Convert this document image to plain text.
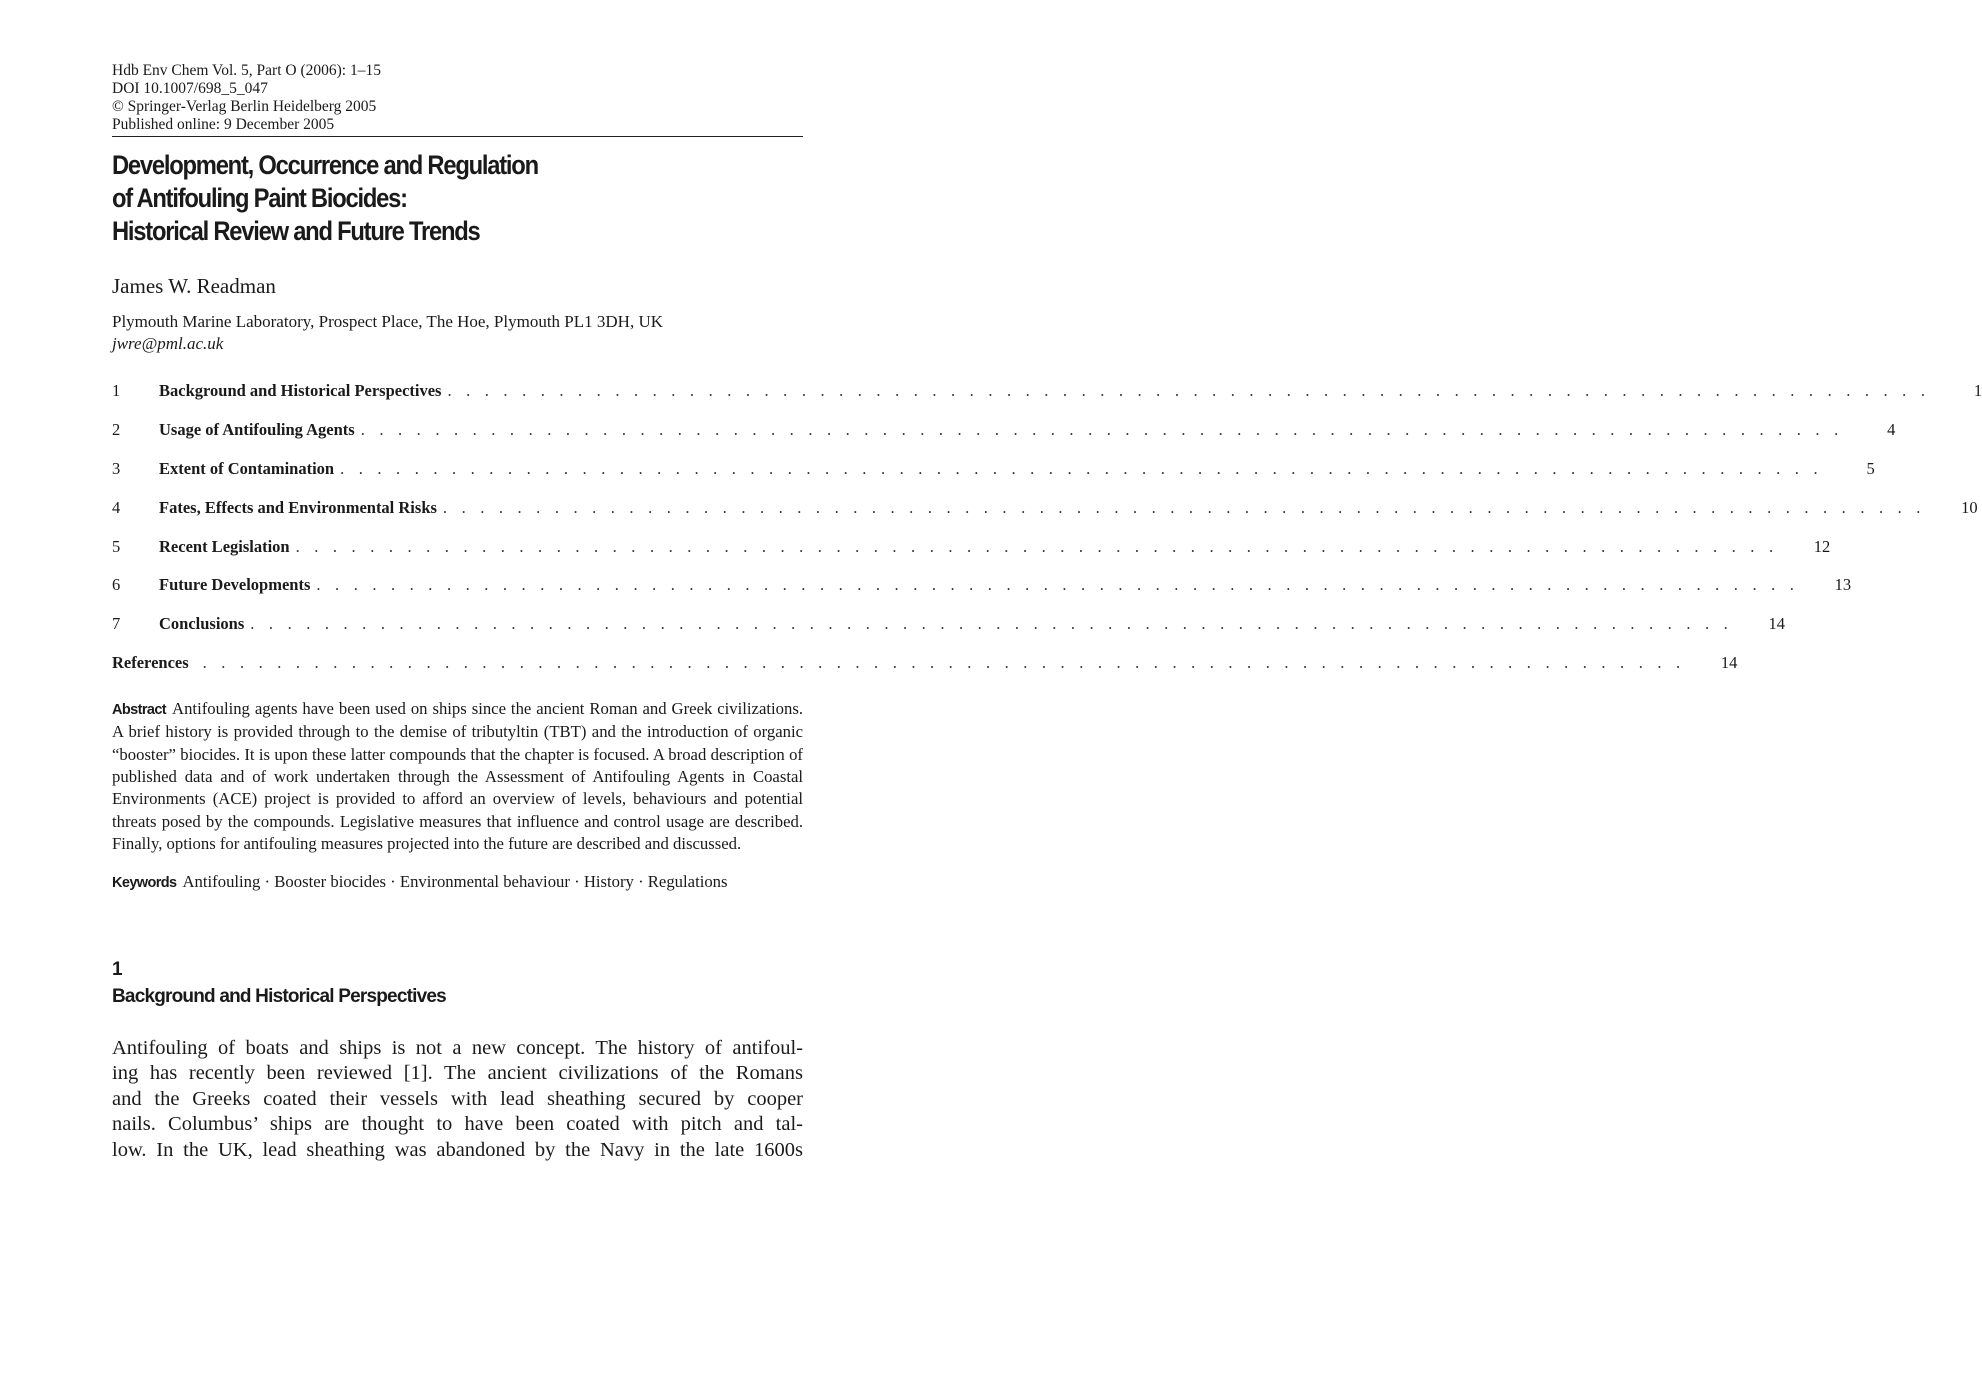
Hdb Env Chem Vol. 5, Part O (2006): 1–15
DOI 10.1007/698_5_047
© Springer-Verlag Berlin Heidelberg 2005
Published online: 9 December 2005
Development, Occurrence and Regulation
of Antifouling Paint Biocides:
Historical Review and Future Trends
James W. Readman
Plymouth Marine Laboratory, Prospect Place, The Hoe, Plymouth PL1 3DH, UK
jwre@pml.ac.uk
1	Background and Historical Perspectives . . . . . . . . . . . . . . . . . . . . . . . . . . . . . . . . . . . . . . . . . . . . . . . . . . . . . . . . . . . . . . . . . . . . . . . . . . . . . . . .	1
2	Usage of Antifouling Agents . . . . . . . . . . . . . . . . . . . . . . . . . . . . . . . . . . . . . . . . . . . . . . . . . . . . . . . . . . . . . . . . . . . . . . . . . . . . . . . .	4
3	Extent of Contamination . . . . . . . . . . . . . . . . . . . . . . . . . . . . . . . . . . . . . . . . . . . . . . . . . . . . . . . . . . . . . . . . . . . . . . . . . . . . . . . .	5
4	Fates, Effects and Environmental Risks . . . . . . . . . . . . . . . . . . . . . . . . . . . . . . . . . . . . . . . . . . . . . . . . . . . . . . . . . . . . . . . . . . . . . . . . . . . . . . . .	10
5	Recent Legislation . . . . . . . . . . . . . . . . . . . . . . . . . . . . . . . . . . . . . . . . . . . . . . . . . . . . . . . . . . . . . . . . . . . . . . . . . . . . . . . .	12
6	Future Developments . . . . . . . . . . . . . . . . . . . . . . . . . . . . . . . . . . . . . . . . . . . . . . . . . . . . . . . . . . . . . . . . . . . . . . . . . . . . . . . .	13
7	Conclusions . . . . . . . . . . . . . . . . . . . . . . . . . . . . . . . . . . . . . . . . . . . . . . . . . . . . . . . . . . . . . . . . . . . . . . . . . . . . . . . .	14
References . . . . . . . . . . . . . . . . . . . . . . . . . . . . . . . . . . . . . . . . . . . . . . . . . . . . . . . . . . . . . . . . . . . . . . . . . . . . . . . .	14
Abstract Antifouling agents have been used on ships since the ancient Roman and Greek civilizations. A brief history is provided through to the demise of tributyltin (TBT) and the introduction of organic “booster” biocides. It is upon these latter compounds that the chapter is focused. A broad description of published data and of work undertaken through the Assessment of Antifouling Agents in Coastal Environments (ACE) project is provided to afford an overview of levels, behaviours and potential threats posed by the compounds. Legislative measures that influence and control usage are described. Finally, options for antifouling measures projected into the future are described and discussed.
Keywords Antifouling · Booster biocides · Environmental behaviour · History · Regulations
1
Background and Historical Perspectives
Antifouling of boats and ships is not a new concept. The history of antifoul-
ing has recently been reviewed [1]. The ancient civilizations of the Romans
and the Greeks coated their vessels with lead sheathing secured by cooper
nails. Columbus’ ships are thought to have been coated with pitch and tal-
low. In the UK, lead sheathing was abandoned by the Navy in the late 1600s
